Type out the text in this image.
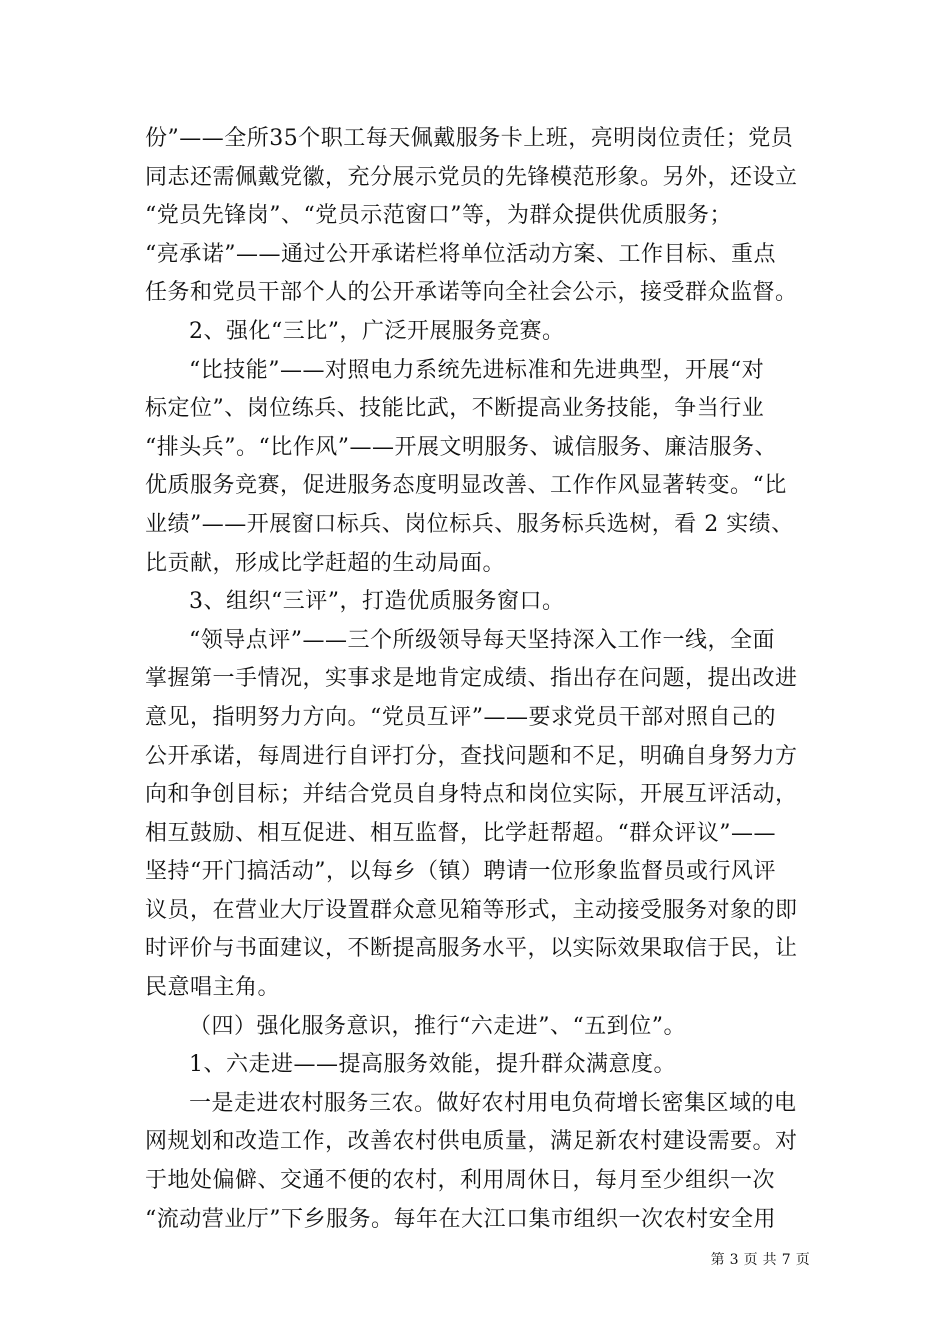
份”——全所35个职工每天佩戴服务卡上班，亮明岗位责任；党员
同志还需佩戴党徽，充分展示党员的先锋模范形象。另外，还设立
“党员先锋岗”、“党员示范窗口”等，为群众提供优质服务；
“亮承诺”——通过公开承诺栏将单位活动方案、工作目标、重点
任务和党员干部个人的公开承诺等向全社会公示，接受群众监督。
2、强化“三比”，广泛开展服务竞赛。
“比技能”——对照电力系统先进标准和先进典型，开展“对
标定位”、岗位练兵、技能比武，不断提高业务技能，争当行业
“排头兵”。“比作风”——开展文明服务、诚信服务、廉洁服务、
优质服务竞赛，促进服务态度明显改善、工作作风显著转变。“比
业绩”——开展窗口标兵、岗位标兵、服务标兵选树，看 2 实绩、
比贡献，形成比学赶超的生动局面。
3、组织“三评”，打造优质服务窗口。
“领导点评”——三个所级领导每天坚持深入工作一线，全面
掌握第一手情况，实事求是地肯定成绩、指出存在问题，提出改进
意见，指明努力方向。“党员互评”——要求党员干部对照自己的
公开承诺，每周进行自评打分，查找问题和不足，明确自身努力方
向和争创目标；并结合党员自身特点和岗位实际，开展互评活动，
相互鼓励、相互促进、相互监督，比学赶帮超。“群众评议”——
坚持“开门搞活动”，以每乡（镇）聘请一位形象监督员或行风评
议员，在营业大厅设置群众意见箱等形式，主动接受服务对象的即
时评价与书面建议，不断提高服务水平，以实际效果取信于民，让
民意唱主角。
（四）强化服务意识，推行“六走进”、“五到位”。
1、六走进——提高服务效能，提升群众满意度。
一是走进农村服务三农。做好农村用电负荷增长密集区域的电
网规划和改造工作，改善农村供电质量，满足新农村建设需要。对
于地处偏僻、交通不便的农村，利用周休日，每月至少组织一次
“流动营业厅”下乡服务。每年在大江口集市组织一次农村安全用
第 3 页 共 7 页
